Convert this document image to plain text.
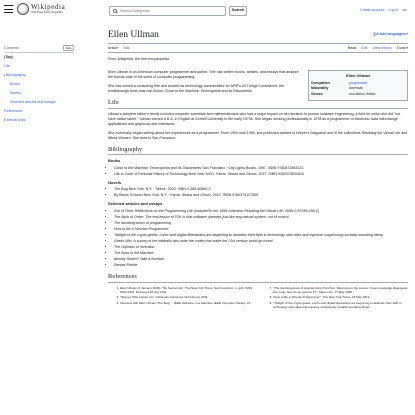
Wikipedia
The Free Encyclopedia
Search Wikipedia	Search	Create account Log in •••
Contents	hide
(Top)
Life
▾ Bibliography
Books
Novels
Selected articles and essays
References
External links
Ellen Ullman	文A Add languages ▾
Article Talk	Read Edit View history Tools ▾
From Wikipedia, the free encyclopedia
Ellen Ullman
Occupation	programmer
Nationality	American
Genres	non-fiction, fiction

Ellen Ullman is an American computer programmer and author. She has written books, articles, and essays that analyze the human side of the world of computer programming.

She has owned a consulting firm and worked as technology commentator for NPR's All Things Considered. Her breakthrough book was non-fiction: Close to the Machine: Technophilia and its Discontents.

Life

Ullman's adoptive father's family included computer scientists and mathematicians who had a major impact on her decision to pursue software engineering, a field for which she did "not have native talent." Ullman earned a B.A. in English at Cornell University in the early 1970s. She began working professionally in 1978 as a programmer of electronic data interchange applications and graphical user interfaces.

She eventually began writing about her experiences as a programmer. From 1994 until 1996, she published articles in Harper's Magazine and in the collections Resisting the Virtual Life and Wired Women. She lives in San Francisco.

Bibliography
Books
• Close to the Machine: Technophilia and Its Discontents San Francisco : City Lights Books, 1997. ISBN 9780872863323
• Life in Code: A Personal History of Technology New York: MCD, Farrar, Straus and Giroux, 2017. ISBN 9780374534516
Novels
• The Bug New York, N.Y. : Talese, 2003. ISBN 0-385-50860-3
• By Blood: A Novel New York, N.Y. : Farrar, Straus and Giroux, 2012. ISBN 9780374117559
Selected articles and essays
• Out of Time: Reflections on the Programming Life (included in the 1995 collection Resisting the Virtual Life, ISBN 0-87286-299-2)
• The Myth of Order: The real lesson of Y2K is that software operates just like any natural system: out of control
• The dumbing-down of programming
• How to Be a 'Woman Programmer'
• Twilight of the crypto-geeks: Loner-wolf digital libertarians are beginning to abandon their faith in technology uber alles and espouse suspiciously socialist-sounding ideas.
• Geeks Win: A survey of the oddballs who write the codes that make the 21st century world go round
• The Orphans of Invention
• The Boss in the Machine
• Identity Stolen? Take a Number
• Dennis Ritchie
References
1. Ellen Ullman (1 January 2009). "My Secret Life". The New York Times. San Francisco. p. A23. ISSN 0362-4331. Retrieved 20 July 2011.
2. "Women Who Inspire Us". GirlGeeks. Retrieved 19 February 2011.
3. Interview with Ellen Ullman (The Bug) ... IEEE Software. Los Alamitos: IEEE Computer Society. 15
7. "The dumbing-down of programming: Part Two, Returning to the source. Once knowledge disappears into code, how do we retrieve it?". Salon.com. 13 May 1998.
8. "How to Be a 'Woman Programmer'". The New York Times. 18 May 2013.
9. "Twilight of the crypto-geeks: Loner-wolf digital libertarians are beginning to abandon their faith in technology uber alles and espouse suspiciously socialist-sounding ideas".
